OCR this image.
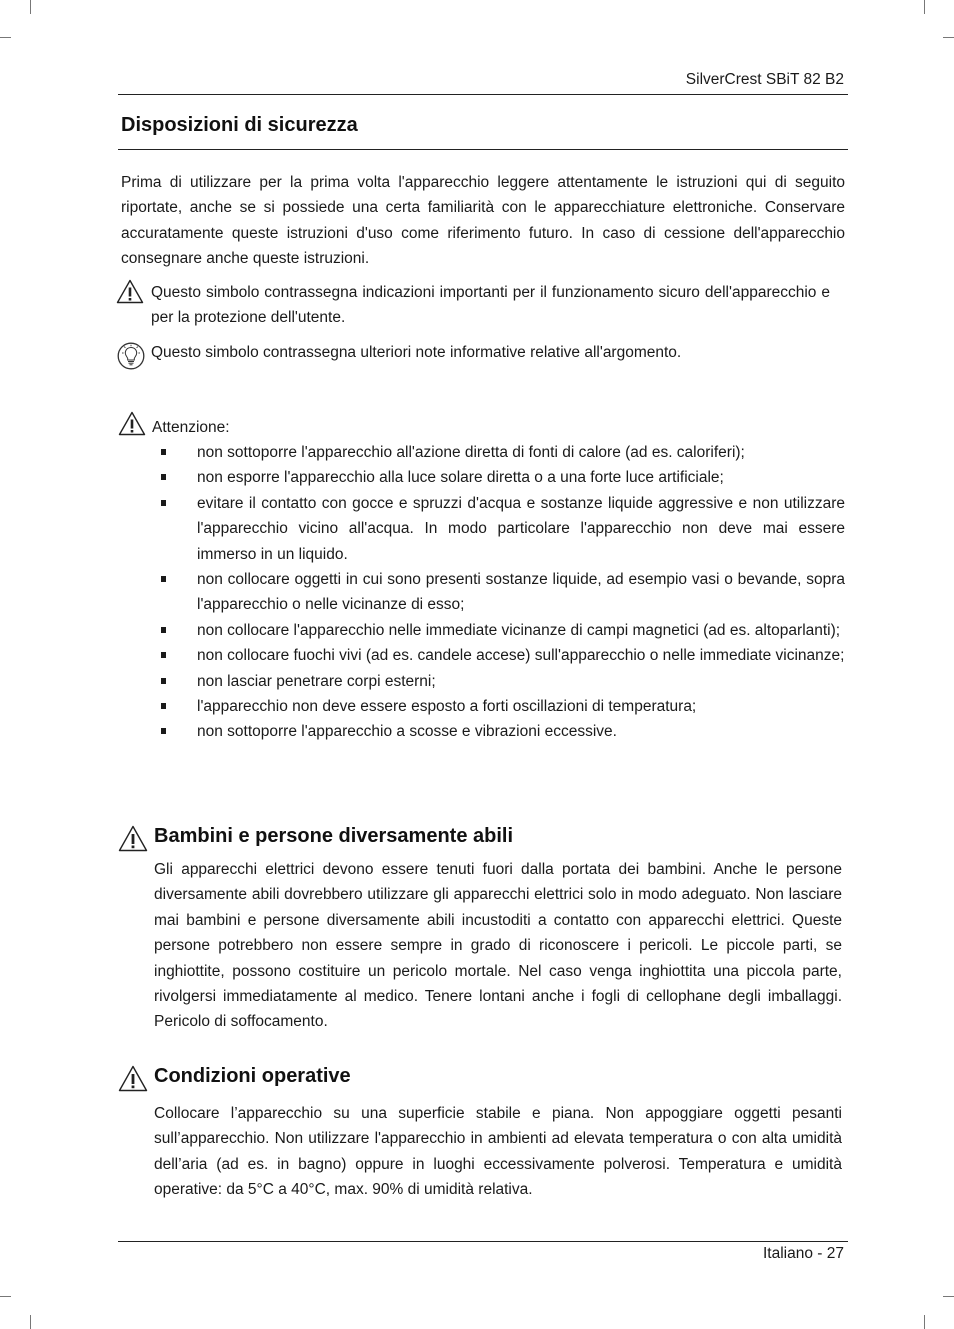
SilverCrest SBiT 82 B2
Disposizioni di sicurezza

Prima di utilizzare per la prima volta l'apparecchio leggere attentamente le istruzioni qui di seguito riportate, anche se si possiede una certa familiarità con le apparecchiature elettroniche. Conservare accuratamente queste istruzioni d'uso come riferimento futuro. In caso di cessione dell'apparecchio consegnare anche queste istruzioni.

Questo simbolo contrassegna indicazioni importanti per il funzionamento sicuro dell'apparecchio e per la protezione dell'utente.

Questo simbolo contrassegna ulteriori note informative relative all'argomento.

Attenzione:

non sottoporre l'apparecchio all'azione diretta di fonti di calore (ad es. caloriferi);
non esporre l'apparecchio alla luce solare diretta o a una forte luce artificiale;
evitare il contatto con gocce e spruzzi d'acqua e sostanze liquide aggressive e non utilizzare l'apparecchio vicino all'acqua. In modo particolare l'apparecchio non deve mai essere immerso in un liquido.
non collocare oggetti in cui sono presenti sostanze liquide, ad esempio vasi o bevande, sopra l'apparecchio o nelle vicinanze di esso;
non collocare l'apparecchio nelle immediate vicinanze di campi magnetici (ad es. altoparlanti);
non collocare fuochi vivi (ad es. candele accese) sull'apparecchio o nelle immediate vicinanze;
non lasciar penetrare corpi esterni;
l'apparecchio non deve essere esposto a forti oscillazioni di temperatura;
non sottoporre l'apparecchio a scosse e vibrazioni eccessive.
Bambini e persone diversamente abili

Gli apparecchi elettrici devono essere tenuti fuori dalla portata dei bambini. Anche le persone diversamente abili dovrebbero utilizzare gli apparecchi elettrici solo in modo adeguato. Non lasciare mai bambini e persone diversamente abili incustoditi a contatto con apparecchi elettrici. Queste persone potrebbero non essere sempre in grado di riconoscere i pericoli. Le piccole parti, se inghiottite, possono costituire un pericolo mortale. Nel caso venga inghiottita una piccola parte, rivolgersi immediatamente al medico. Tenere lontani anche i fogli di cellophane degli imballaggi. Pericolo di soffocamento.

Condizioni operative

Collocare l’apparecchio su una superficie stabile e piana. Non appoggiare oggetti pesanti sull’apparecchio. Non utilizzare l'apparecchio in ambienti ad elevata temperatura o con alta umidità dell’aria (ad es. in bagno) oppure in luoghi eccessivamente polverosi. Temperatura e umidità operative: da 5°C a 40°C, max. 90% di umidità relativa.

Italiano - 27
